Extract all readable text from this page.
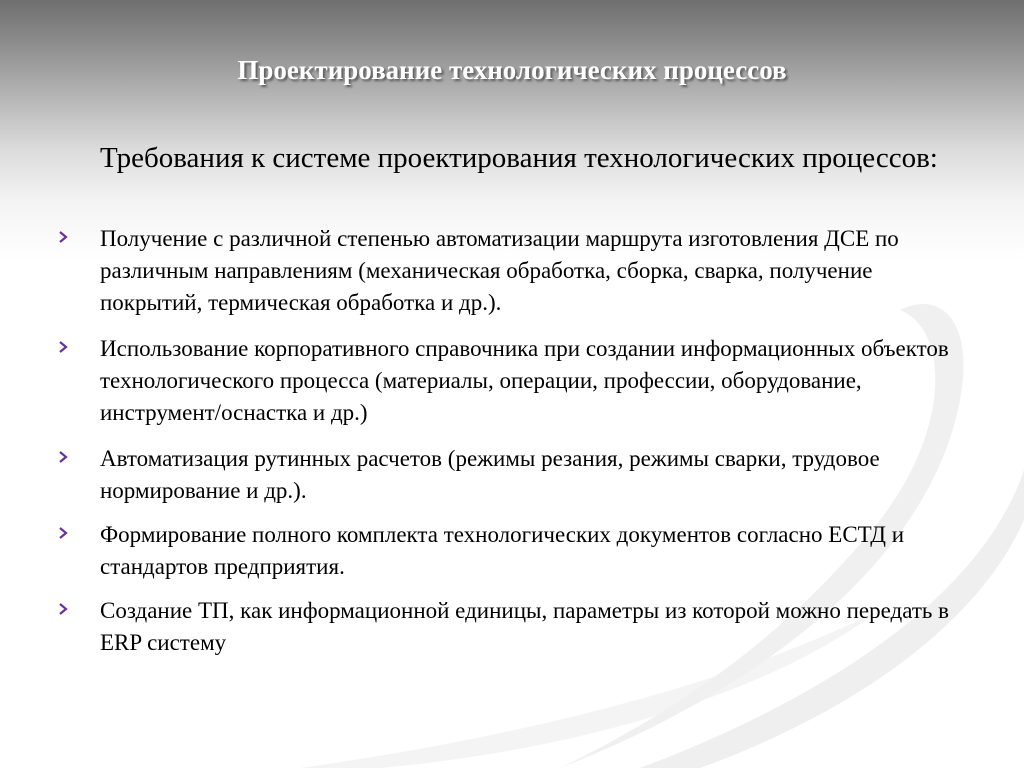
Проектирование технологических процессов

Требования к системе проектирования технологических процессов:

Получение с различной степенью автоматизации маршрута изготовления ДСЕ по различным направлениям (механическая обработка, сборка, сварка, получение покрытий, термическая обработка и др.).
Использование корпоративного справочника при создании информационных объектов технологического процесса (материалы, операции, профессии, оборудование, инструмент/оснастка и др.)
Автоматизация рутинных расчетов (режимы резания, режимы сварки, трудовое нормирование и др.).
Формирование полного комплекта технологических документов согласно ЕСТД и стандартов предприятия.
Создание ТП, как информационной единицы, параметры из которой можно передать в ERP систему
